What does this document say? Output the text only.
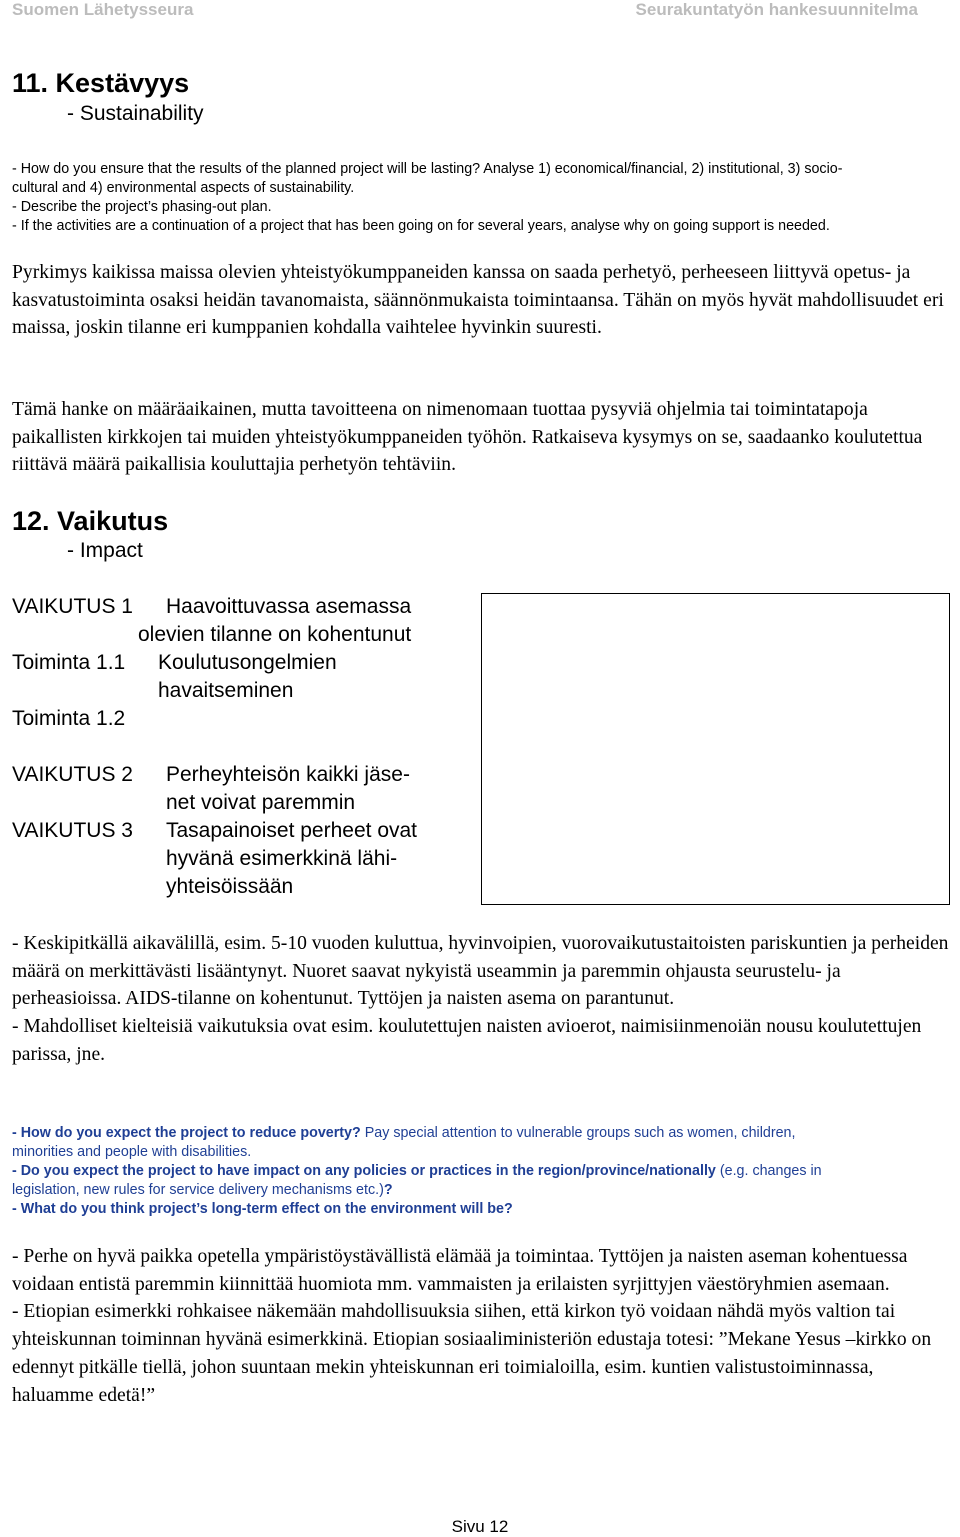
Suomen Lähetysseura	Seurakuntatyön hankesuunnitelma
11. Kestävyys
- Sustainability
- How do you ensure that the results of the planned project will be lasting? Analyse 1) economical/financial, 2) institutional, 3) socio-
cultural and 4) environmental aspects of sustainability.
- Describe the project’s phasing-out plan.
- If the activities are a continuation of a project that has been going on for several years, analyse why on going support is needed.

Pyrkimys kaikissa maissa olevien yhteistyökumppaneiden kanssa on saada perhetyö, perheeseen liittyvä opetus- ja kasvatustoiminta osaksi heidän tavanomaista, säännönmukaista toimintaansa. Tähän on myös hyvät mahdollisuudet eri maissa, joskin tilanne eri kumppanien kohdalla vaihtelee hyvinkin suuresti.

Tämä hanke on määräaikainen, mutta tavoitteena on nimenomaan tuottaa pysyviä ohjelmia tai toimintatapoja paikallisten kirkkojen tai muiden yhteistyökumppaneiden työhön. Ratkaiseva kysymys on se, saadaanko koulutettua riittävä määrä paikallisia kouluttajia perhetyön tehtäviin.

12. Vaikutus
- Impact
VAIKUTUS 1	Haavoittuvassa asemassa
olevien tilanne on kohentunut
Toiminta 1.1	Koulutusongelmien
havaitseminen
Toiminta 1.2
VAIKUTUS 2	Perheyhteisön kaikki jäse-
net voivat paremmin
VAIKUTUS 3	Tasapainoiset perheet ovat
hyvänä esimerkkinä lähi-
yhteisöissään

- Keskipitkällä aikavälillä, esim. 5-10 vuoden kuluttua, hyvinvoipien, vuorovaikutustaitoisten pariskuntien ja perheiden määrä on merkittävästi lisääntynyt. Nuoret saavat nykyistä useammin ja paremmin ohjausta seurustelu- ja perheasioissa. AIDS-tilanne on kohentunut. Tyttöjen ja naisten asema on parantunut.

- Mahdolliset kielteisiä vaikutuksia ovat esim. koulutettujen naisten avioerot, naimisiinmenoiän nousu koulutettujen parissa, jne.

- How do you expect the project to reduce poverty? Pay special attention to vulnerable groups such as women, children,
minorities and people with disabilities.
- Do you expect the project to have impact on any policies or practices in the region/province/nationally (e.g. changes in
legislation, new rules for service delivery mechanisms etc.)?
- What do you think project’s long-term effect on the environment will be?

- Perhe on hyvä paikka opetella ympäristöystävällistä elämää ja toimintaa. Tyttöjen ja naisten aseman kohentuessa voidaan entistä paremmin kiinnittää huomiota mm. vammaisten ja erilaisten syrjittyjen väestöryhmien asemaan.

- Etiopian esimerkki rohkaisee näkemään mahdollisuuksia siihen, että kirkon työ voidaan nähdä myös valtion tai yhteiskunnan toiminnan hyvänä esimerkkinä. Etiopian sosiaaliministeriön edustaja totesi: ”Mekane Yesus –kirkko on edennyt pitkälle tiellä, johon suuntaan mekin yhteiskunnan eri toimialoilla, esim. kuntien valistustoiminnassa, haluamme edetä!”

Sivu 12
